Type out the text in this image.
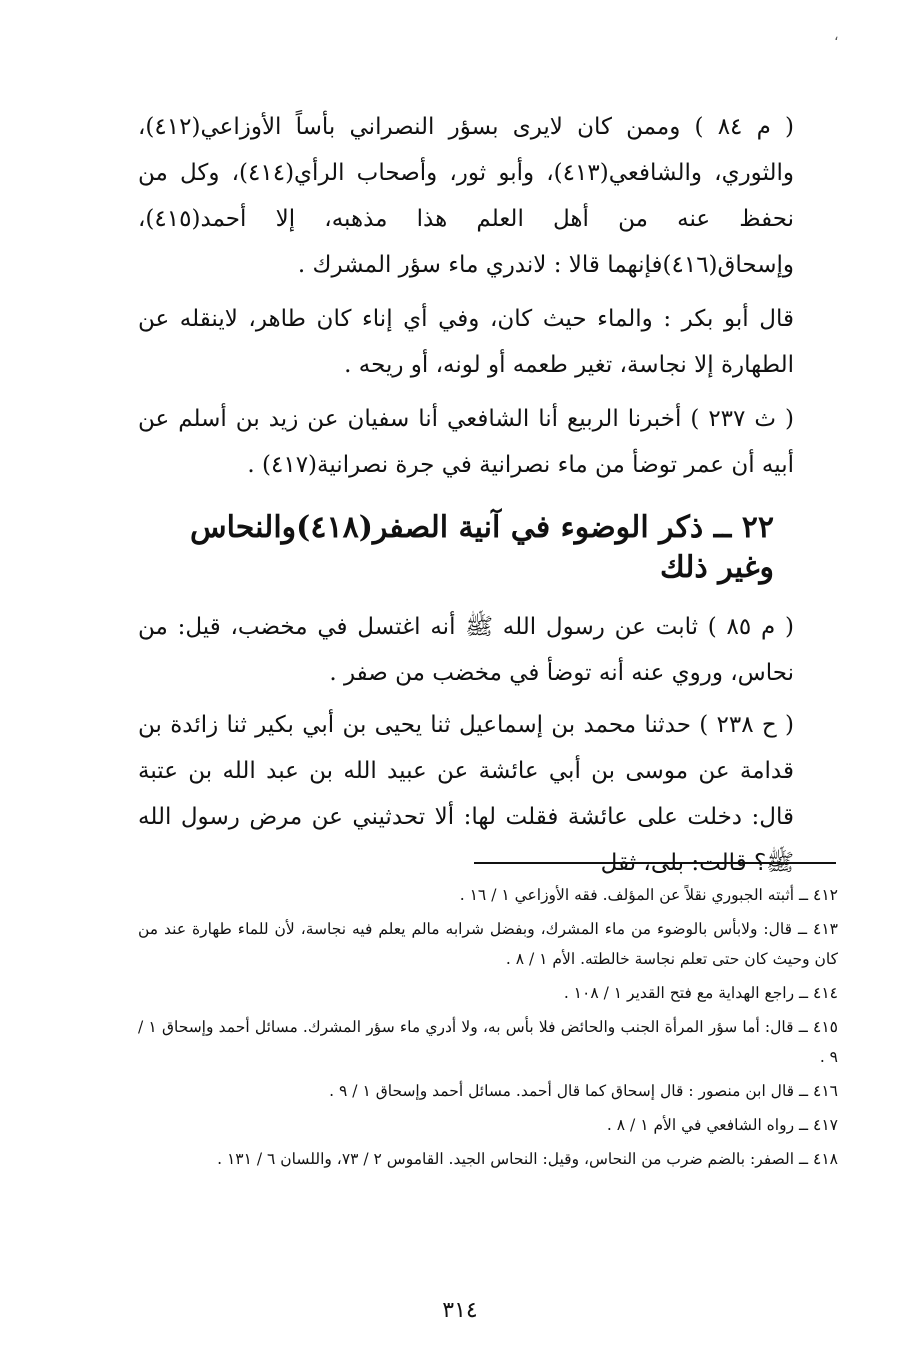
،

( م ٨٤ ) وممن كان لايرى بسؤر النصراني بأساً الأوزاعي(٤١٢)، والثوري، والشافعي(٤١٣)، وأبو ثور، وأصحاب الرأي(٤١٤)، وكل من نحفظ عنه من أهل العلم هذا مذهبه، إلا أحمد(٤١٥)، وإسحاق(٤١٦)فإنهما قالا : لاندري ماء سؤر المشرك .

قال أبو بكر : والماء حيث كان، وفي أي إناء كان طاهر، لاينقله عن الطهارة إلا نجاسة، تغير طعمه أو لونه، أو ريحه .

( ث ٢٣٧ ) أخبرنا الربيع أنا الشافعي أنا سفيان عن زيد بن أسلم عن أبيه أن عمر توضأ من ماء نصرانية في جرة نصرانية(٤١٧) .

٢٢ ــ ذكر الوضوء في آنية الصفر(٤١٨)والنحاس وغير ذلك

( م ٨٥ ) ثابت عن رسول الله ﷺ أنه اغتسل في مخضب، قيل: من نحاس، وروي عنه أنه توضأ في مخضب من صفر .

( ح ٢٣٨ ) حدثنا محمد بن إسماعيل ثنا يحيى بن أبي بكير ثنا زائدة بن قدامة عن موسى بن أبي عائشة عن عبيد الله بن عبد الله بن عتبة قال: دخلت على عائشة فقلت لها: ألا تحدثيني عن مرض رسول الله ﷺ؟ قالت: بلى، ثقل

٤١٢ ــ أثبته الجبوري نقلاً عن المؤلف. فقه الأوزاعي ١ / ١٦ .

٤١٣ ــ قال: ولابأس بالوضوء من ماء المشرك، وبفضل شرابه مالم يعلم فيه نجاسة، لأن للماء طهارة عند من كان وحيث كان حتى تعلم نجاسة خالطته. الأم ١ / ٨ .

٤١٤ ــ راجع الهداية مع فتح القدير ١ / ١٠٨ .

٤١٥ ــ قال: أما سؤر المرأة الجنب والحائض فلا بأس به، ولا أدري ماء سؤر المشرك. مسائل أحمد وإسحاق ١ / ٩ .

٤١٦ ــ قال ابن منصور : قال إسحاق كما قال أحمد. مسائل أحمد وإسحاق ١ / ٩ .

٤١٧ ــ رواه الشافعي في الأم ١ / ٨ .

٤١٨ ــ الصفر: بالضم ضرب من النحاس، وقيل: النحاس الجيد. القاموس ٢ / ٧٣، واللسان ٦ / ١٣١ .

٣١٤
